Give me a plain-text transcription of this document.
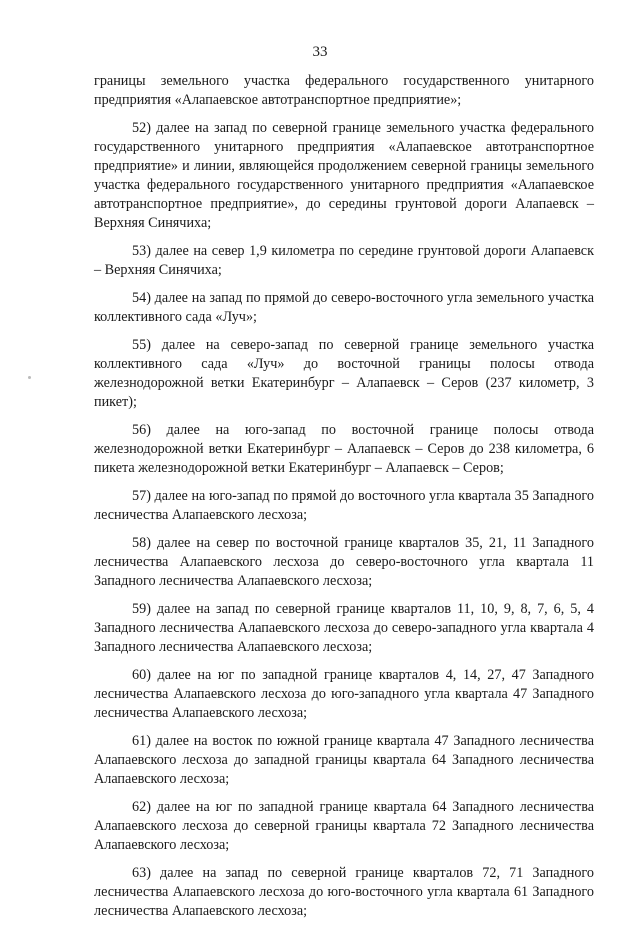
33

границы земельного участка федерального государственного унитарного предприятия «Алапаевское автотранспортное предприятие»;

52) далее на запад по северной границе земельного участка федерального государственного унитарного предприятия «Алапаевское автотранспортное предприятие» и линии, являющейся продолжением северной границы земельного участка федерального государственного унитарного предприятия «Алапаевское автотранспортное предприятие», до середины грунтовой дороги Алапаевск – Верхняя Синячиха;

53) далее на север 1,9 километра по середине грунтовой дороги Алапаевск – Верхняя Синячиха;

54) далее на запад по прямой до северо-восточного угла земельного участка коллективного сада «Луч»;

55) далее на северо-запад по северной границе земельного участка коллективного сада «Луч» до восточной границы полосы отвода железнодорожной ветки Екатеринбург – Алапаевск – Серов (237 километр, 3 пикет);

56) далее на юго-запад по восточной границе полосы отвода железнодорожной ветки Екатеринбург – Алапаевск – Серов до 238 километра, 6 пикета железнодорожной ветки Екатеринбург – Алапаевск – Серов;

57) далее на юго-запад по прямой до восточного угла квартала 35 Западного лесничества Алапаевского лесхоза;

58) далее на север по восточной границе кварталов 35, 21, 11 Западного лесничества Алапаевского лесхоза до северо-восточного угла квартала 11 Западного лесничества Алапаевского лесхоза;

59) далее на запад по северной границе кварталов 11, 10, 9, 8, 7, 6, 5, 4 Западного лесничества Алапаевского лесхоза до северо-западного угла квартала 4 Западного лесничества Алапаевского лесхоза;

60) далее на юг по западной границе кварталов 4, 14, 27, 47 Западного лесничества Алапаевского лесхоза до юго-западного угла квартала 47 Западного лесничества Алапаевского лесхоза;

61) далее на восток по южной границе квартала 47 Западного лесничества Алапаевского лесхоза до западной границы квартала 64 Западного лесничества Алапаевского лесхоза;

62) далее на юг по западной границе квартала 64 Западного лесничества Алапаевского лесхоза до северной границы квартала 72 Западного лесничества Алапаевского лесхоза;

63) далее на запад по северной границе кварталов 72, 71 Западного лесничества Алапаевского лесхоза до юго-восточного угла квартала 61 Западного лесничества Алапаевского лесхоза;
